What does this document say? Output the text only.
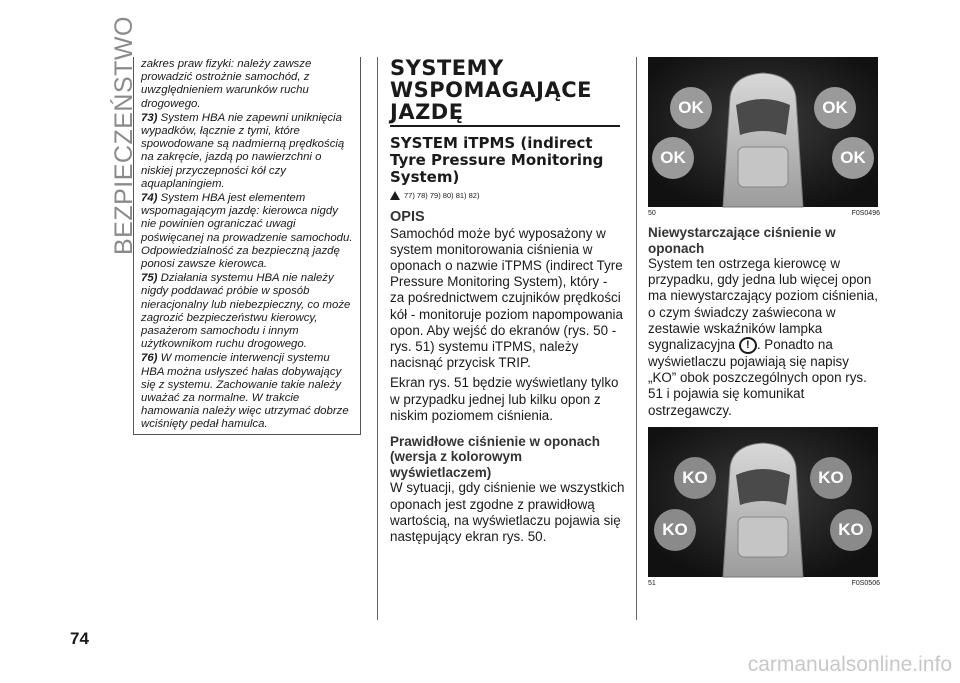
BEZPIECZEŃSTWO
74

zakres praw fizyki: należy zawsze prowadzić ostrożnie samochód, z uwzględnieniem warunków ruchu drogowego.

73) System HBA nie zapewni uniknięcia wypadków, łącznie z tymi, które spowodowane są nadmierną prędkością na zakręcie, jazdą po nawierzchni o niskiej przyczepności kół czy aquaplaningiem.

74) System HBA jest elementem wspomagającym jazdę: kierowca nigdy nie powinien ograniczać uwagi poświęcanej na prowadzenie samochodu. Odpowiedzialność za bezpieczną jazdę ponosi zawsze kierowca.

75) Działania systemu HBA nie należy nigdy poddawać próbie w sposób nieracjonalny lub niebezpieczny, co może zagrozić bezpieczeństwu kierowcy, pasażerom samochodu i innym użytkownikom ruchu drogowego.

76) W momencie interwencji systemu HBA można usłyszeć hałas dobywający się z systemu. Zachowanie takie należy uważać za normalne. W trakcie hamowania należy więc utrzymać dobrze wciśnięty pedał hamulca.

SYSTEMY WSPOMAGAJĄCE JAZDĘ
SYSTEM iTPMS (indirect Tyre Pressure Monitoring System)
77) 78) 79) 80) 81) 82)
OPIS

Samochód może być wyposażony w system monitorowania ciśnienia w oponach o nazwie iTPMS (indirect Tyre Pressure Monitoring System), który - za pośrednictwem czujników prędkości kół - monitoruje poziom napompowania opon. Aby wejść do ekranów (rys. 50 - rys. 51) systemu iTPMS, należy nacisnąć przycisk TRIP.

Ekran rys. 51 będzie wyświetlany tylko w przypadku jednej lub kilku opon z niskim poziomem ciśnienia.

Prawidłowe ciśnienie w oponach (wersja z kolorowym wyświetlaczem)

W sytuacji, gdy ciśnienie we wszystkich oponach jest zgodne z prawidłową wartością, na wyświetlaczu pojawia się następujący ekran rys. 50.

OK	OK
OK	OK
50	F0S0496
Niewystarczające ciśnienie w oponach

System ten ostrzega kierowcę w przypadku, gdy jedna lub więcej opon ma niewystarczający poziom ciśnienia, o czym świadczy zaświecona w zestawie wskaźników lampka sygnalizacyjna ! . Ponadto na wyświetlaczu pojawiają się napisy „KO” obok poszczególnych opon rys. 51 i pojawia się komunikat ostrzegawczy.

KO	KO
KO	KO
51	F0S0506
carmanualsonline.info
